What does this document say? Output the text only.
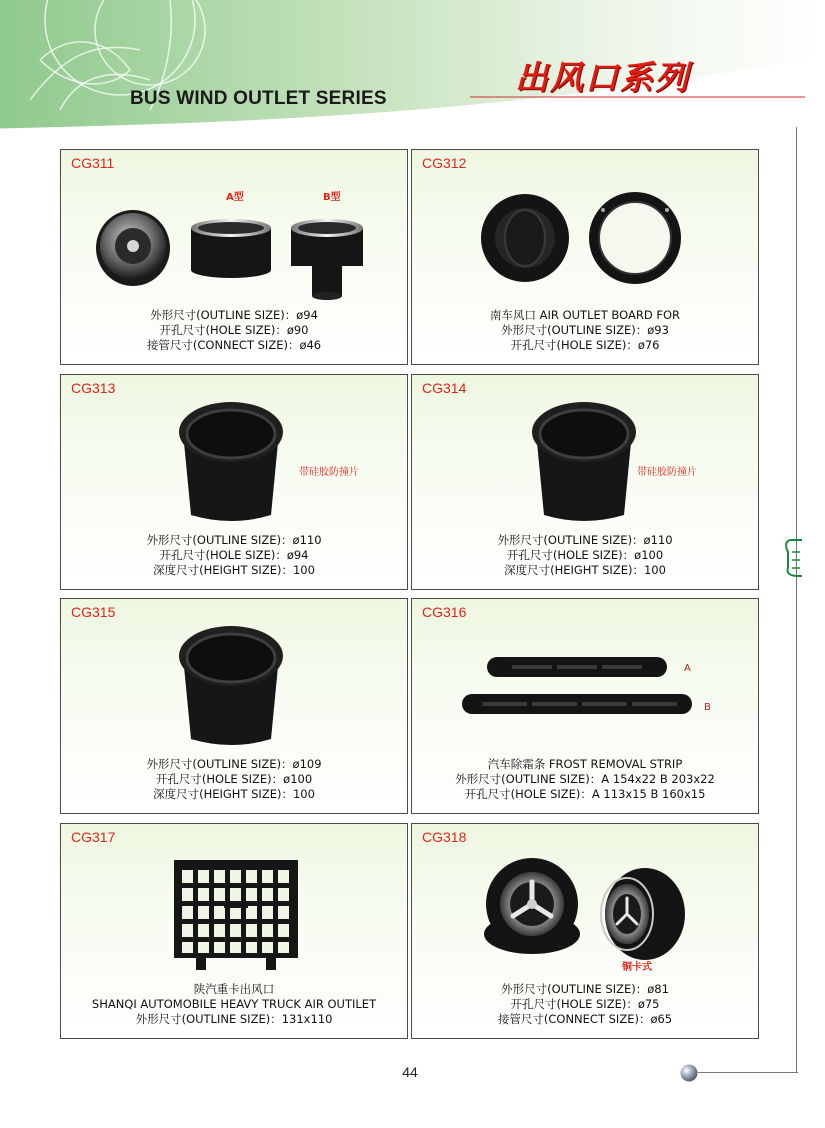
BUS WIND OUTLET SERIES
出风口系列
CG311
A型	B型
外形尺寸(OUTLINE SIZE)：ø94
开孔尺寸(HOLE SIZE)：ø90
接管尺寸(CONNECT SIZE)：ø46
CG312
南车风口 AIR OUTLET BOARD FOR
外形尺寸(OUTLINE SIZE)：ø93
开孔尺寸(HOLE SIZE)：ø76
CG313
带硅胶防撞片
外形尺寸(OUTLINE SIZE)：ø110
开孔尺寸(HOLE SIZE)：ø94
深度尺寸(HEIGHT SIZE)：100
CG314
带硅胶防撞片
外形尺寸(OUTLINE SIZE)：ø110
开孔尺寸(HOLE SIZE)：ø100
深度尺寸(HEIGHT SIZE)：100
CG315
外形尺寸(OUTLINE SIZE)：ø109
开孔尺寸(HOLE SIZE)：ø100
深度尺寸(HEIGHT SIZE)：100
CG316
A
B
汽车除霜条 FROST REMOVAL STRIP
外形尺寸(OUTLINE SIZE)：A 154x22 B 203x22
开孔尺寸(HOLE SIZE)：A 113x15 B 160x15
CG317
陕汽重卡出风口
SHANQI AUTOMOBILE HEAVY TRUCK AIR OUTILET
外形尺寸(OUTLINE SIZE)：131x110
CG318
铜卡式
外形尺寸(OUTLINE SIZE)：ø81
开孔尺寸(HOLE SIZE)：ø75
接管尺寸(CONNECT SIZE)：ø65
44
